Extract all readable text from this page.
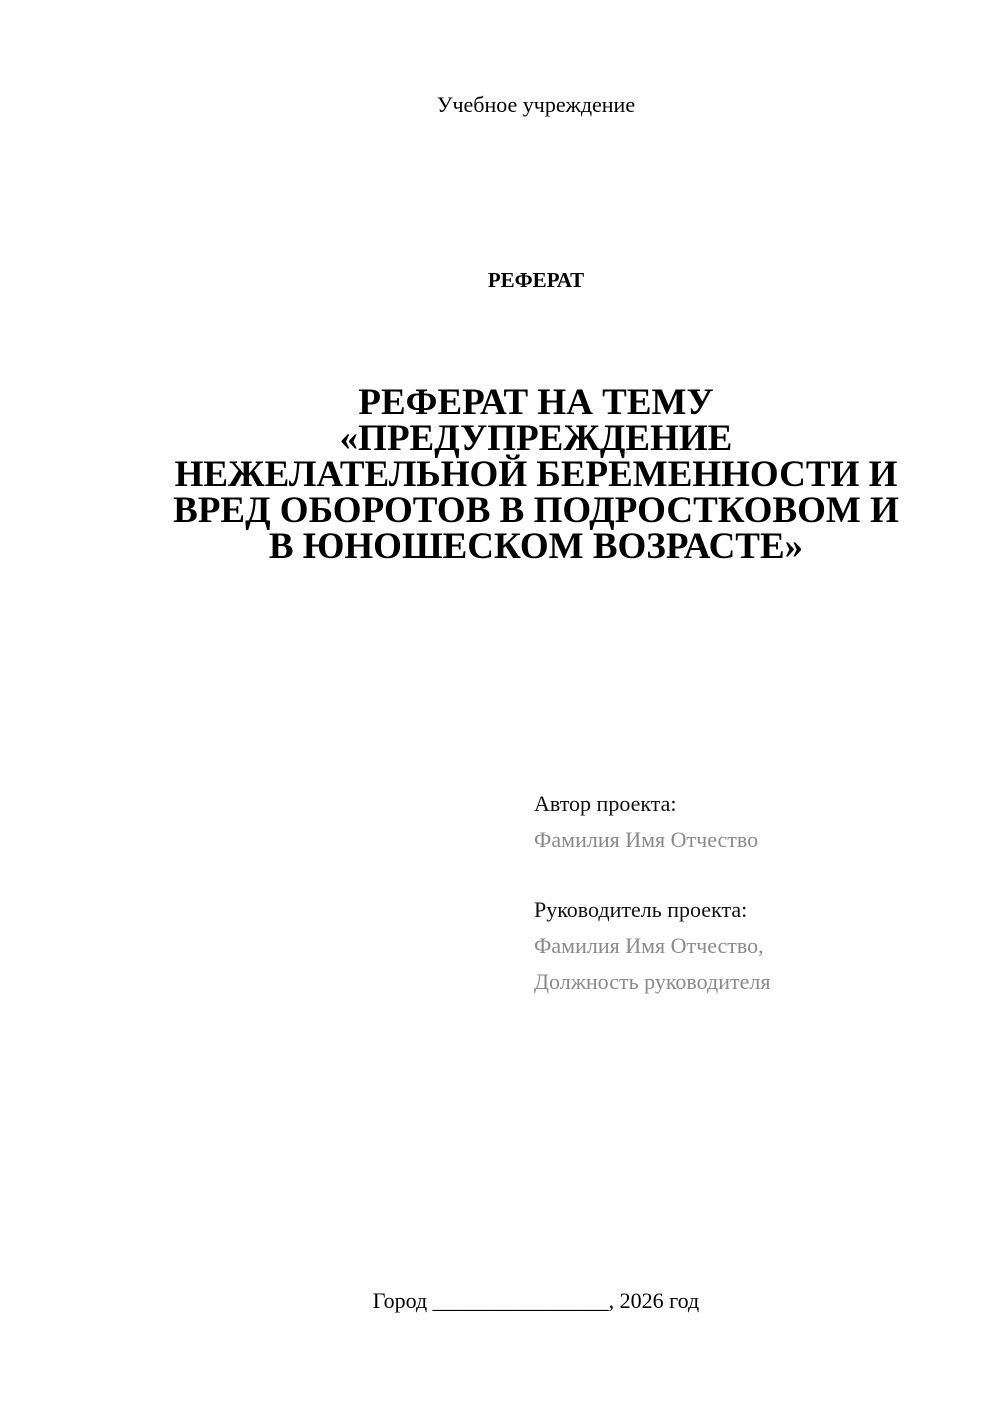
Учебное учреждение
РЕФЕРАТ
РЕФЕРАТ НА ТЕМУ
«ПРЕДУПРЕЖДЕНИЕ
НЕЖЕЛАТЕЛЬНОЙ БЕРЕМЕННОСТИ И
ВРЕД ОБОРОТОВ В ПОДРОСТКОВОМ И
В ЮНОШЕСКОМ ВОЗРАСТЕ»
Автор проекта:
Фамилия Имя Отчество
Руководитель проекта:
Фамилия Имя Отчество,
Должность руководителя
Город ________________, 2026 год
